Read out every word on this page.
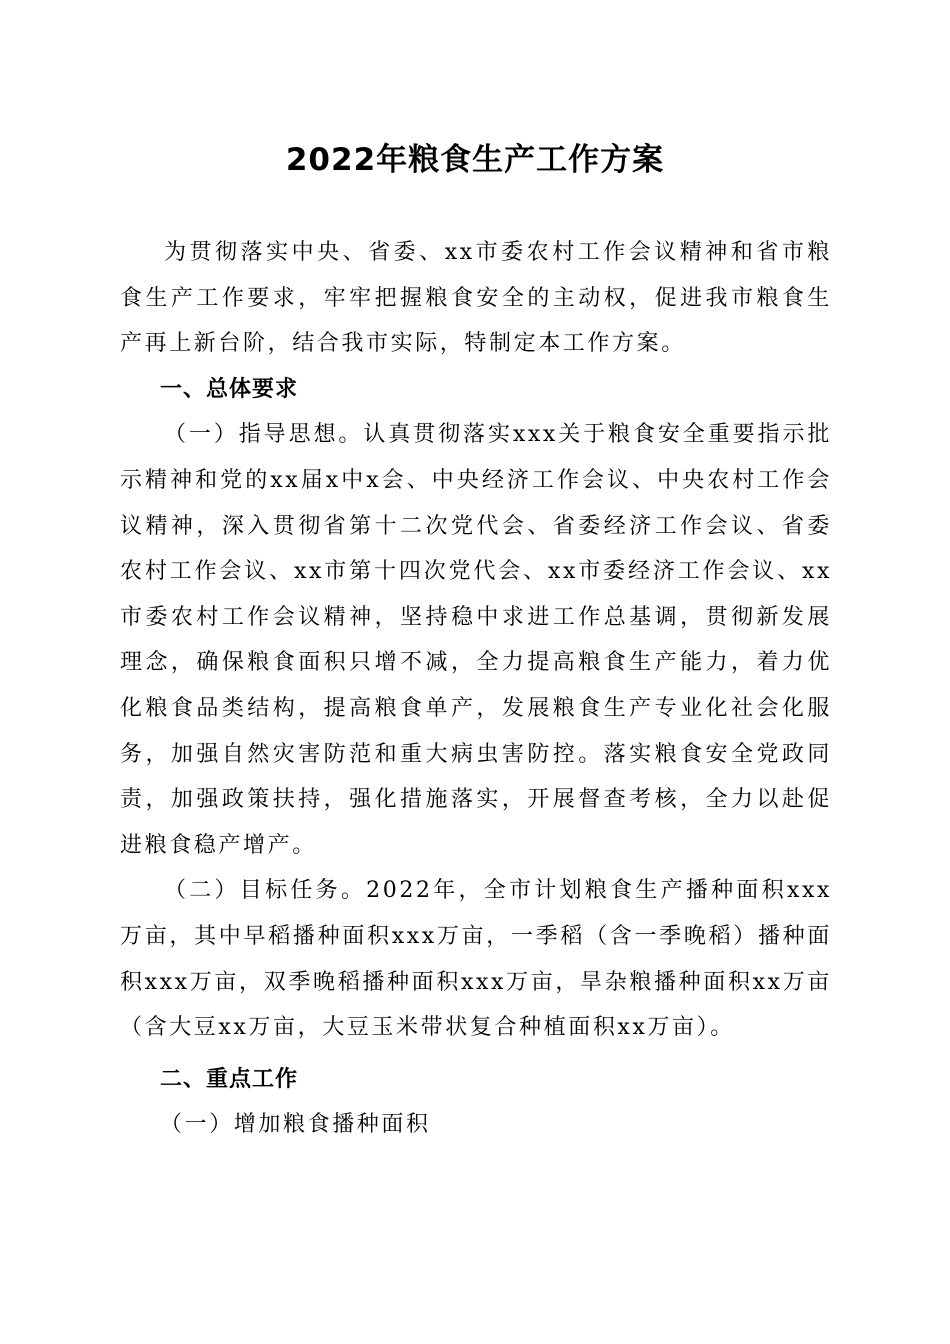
2022年粮食生产工作方案

为贯彻落实中央、省委、xx市委农村工作会议精神和省市粮食生产工作要求，牢牢把握粮食安全的主动权，促进我市粮食生产再上新台阶，结合我市实际，特制定本工作方案。

一、总体要求

（一）指导思想。认真贯彻落实xxx关于粮食安全重要指示批示精神和党的xx届x中x会、中央经济工作会议、中央农村工作会议精神，深入贯彻省第十二次党代会、省委经济工作会议、省委农村工作会议、xx市第十四次党代会、xx市委经济工作会议、xx市委农村工作会议精神，坚持稳中求进工作总基调，贯彻新发展理念，确保粮食面积只增不减，全力提高粮食生产能力，着力优化粮食品类结构，提高粮食单产，发展粮食生产专业化社会化服务，加强自然灾害防范和重大病虫害防控。落实粮食安全党政同责，加强政策扶持，强化措施落实，开展督查考核，全力以赴促进粮食稳产增产。

（二）目标任务。2022年，全市计划粮食生产播种面积xxx万亩，其中早稻播种面积xxx万亩，一季稻（含一季晚稻）播种面积xxx万亩，双季晚稻播种面积xxx万亩，旱杂粮播种面积xx万亩（含大豆xx万亩，大豆玉米带状复合种植面积xx万亩）。

二、重点工作

（一）增加粮食播种面积
